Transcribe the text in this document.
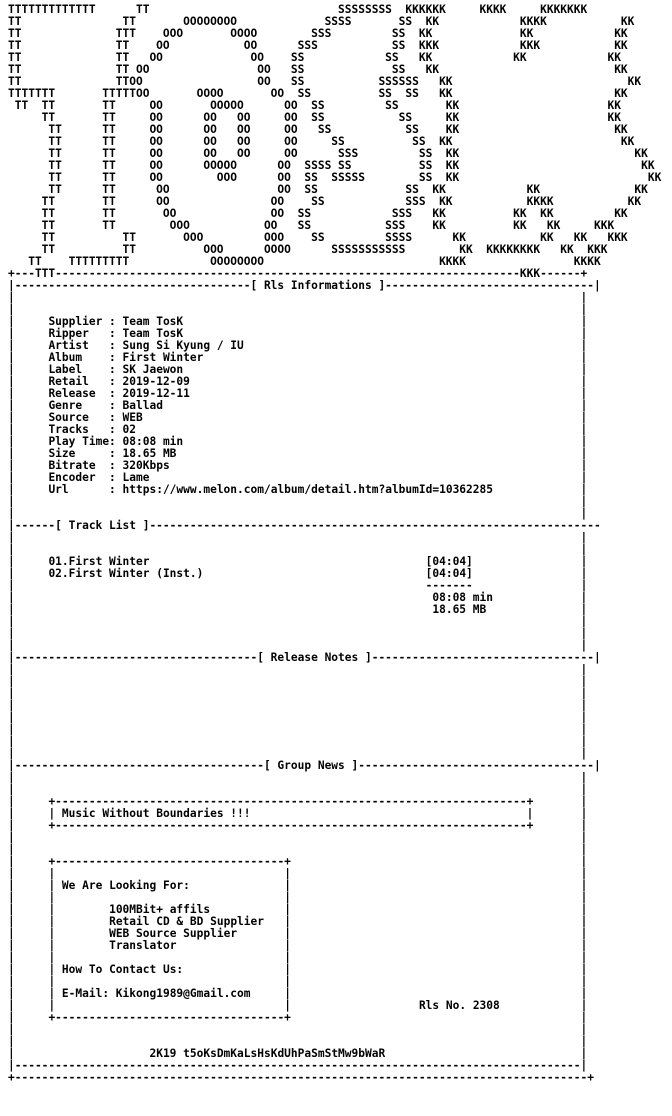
TTTTTTTTTTTTT      TT                            SSSSSSSS  KKKKKK     KKKK     KKKKKKK
TT               TT       OOOOOOOO             SSSS       SS  KK            KKKK           KK
TT              TTT    OOO       OOOO        SSS         SS  KK             KK            KK
TT              TT    OO           OO      SSS           SS  KKK            KKK           KK
TT              TT   OO             OO    SS            SS   KK            KK            KK
TT              TT OO                OO   SS             SS   KK                          KK
TT              TTOO                 OO   SS           SSSSSS   KK                          KK
TTTTTTT       TTTTTOO       OOOO       OO  SS          SS  SS   KK                        KK
TT  TT       TT     OO       OOOOO      OO  SS         SS       KK                      KK
TT       TT     OO      OO   OO     OO  SS           SS     KK                      KK
TT      TT     OO      OO   OO     OO   SS           SS    KK                       KK
TT      TT     OO      OO   OO     OO     SS          SS  KK                         KK
TT      TT     OO      OO   OO     OO      SSS         SS  KK                          KK
TT      TT     OO      OOOOO      OO  SSSS SS          SS  KK                           KK
TT      TT     OO        OOO      OO  SS  SSSSS        SS  KK                            KK
TT      TT      OO                OO  SS             SS  KK            KK              KK
TT       TT      OO               OO    SS            SSS  KK           KKKK           KK
TT       TT       OO              OO  SS            SSS   KK          KK  KK         KK
TT       TT        OOO           OO   SS           SSS    KK          KK   KK     KKK
TT          TT       OOO         OOO    SS         SSSS      KK           KK   KK   KKK
TT          TT          OOO      OOOO      SSSSSSSSSSS        KK  KKKKKKKK   KK  KKK
TT    TTTTTTTTT            OOOOOOOO                          KKKK                KKKK
+---TTT---------------------------------------------------------------------KKK------+
|-----------------------------------[ Rls Informations ]-------------------------------|
|	|
|	|
|	Supplier : Team TosK	|
|	Ripper   : Team TosK	|
|	Artist   : Sung Si Kyung / IU	|
|	Album    : First Winter	|
|	Label    : SK Jaewon	|
|	Retail   : 2019-12-09	|
|	Release  : 2019-12-11	|
|	Genre    : Ballad	|
|	Source   : WEB	|
|	Tracks   : 02	|
|	Play Time: 08:08 min	|
|	Size     : 18.65 MB	|
|	Bitrate  : 320Kbps	|
|	Encoder  : Lame	|
|	Url      : https://www.melon.com/album/detail.htm?albumId=10362285	|
|	|
|	|
|------[ Track List ]-------------------------------------------------------------------
|	|
|	|
|	01.First Winter	[04:04]	|
|	02.First Winter (Inst.)	[04:04]	|
|	-------	|
|	08:08 min	|
|	18.65 MB	|
|	|
|	|
|	|
|------------------------------------[ Release Notes ]---------------------------------|
|	|
|	|
|	|
|	|
|	|
|	|
|	|
|	|
|-------------------------------------[ Group News ]-----------------------------------|
|	|
|	|
|	+----------------------------------------------------------------------+	|
|	| Music Without Boundaries !!!	|	|
|	+----------------------------------------------------------------------+	|
|	|
|	|
|	+----------------------------------+	|
|	|	|	|
|	| We Are Looking For:	|	|
|	|	|	|
|	|	100MBit+ affils	|	|
|	|	Retail CD & BD Supplier |	|
|	|	WEB Source Supplier	|	|
|	|	Translator	|	|
|	|	|	|
|	| How To Contact Us:	|	|
|	|	|	|
|	| E-Mail: Kikong1989@Gmail.com	|	|
|	|	|	Rls No. 2308	|
|	+----------------------------------+	|
|	|
|	|
|	2K19 t5oKsDmKaLsHsKdUhPaSmStMw9bWaR	|
|------------------------------------------------------------------------------------|
+-------------------------------------------------------------------------------------+
